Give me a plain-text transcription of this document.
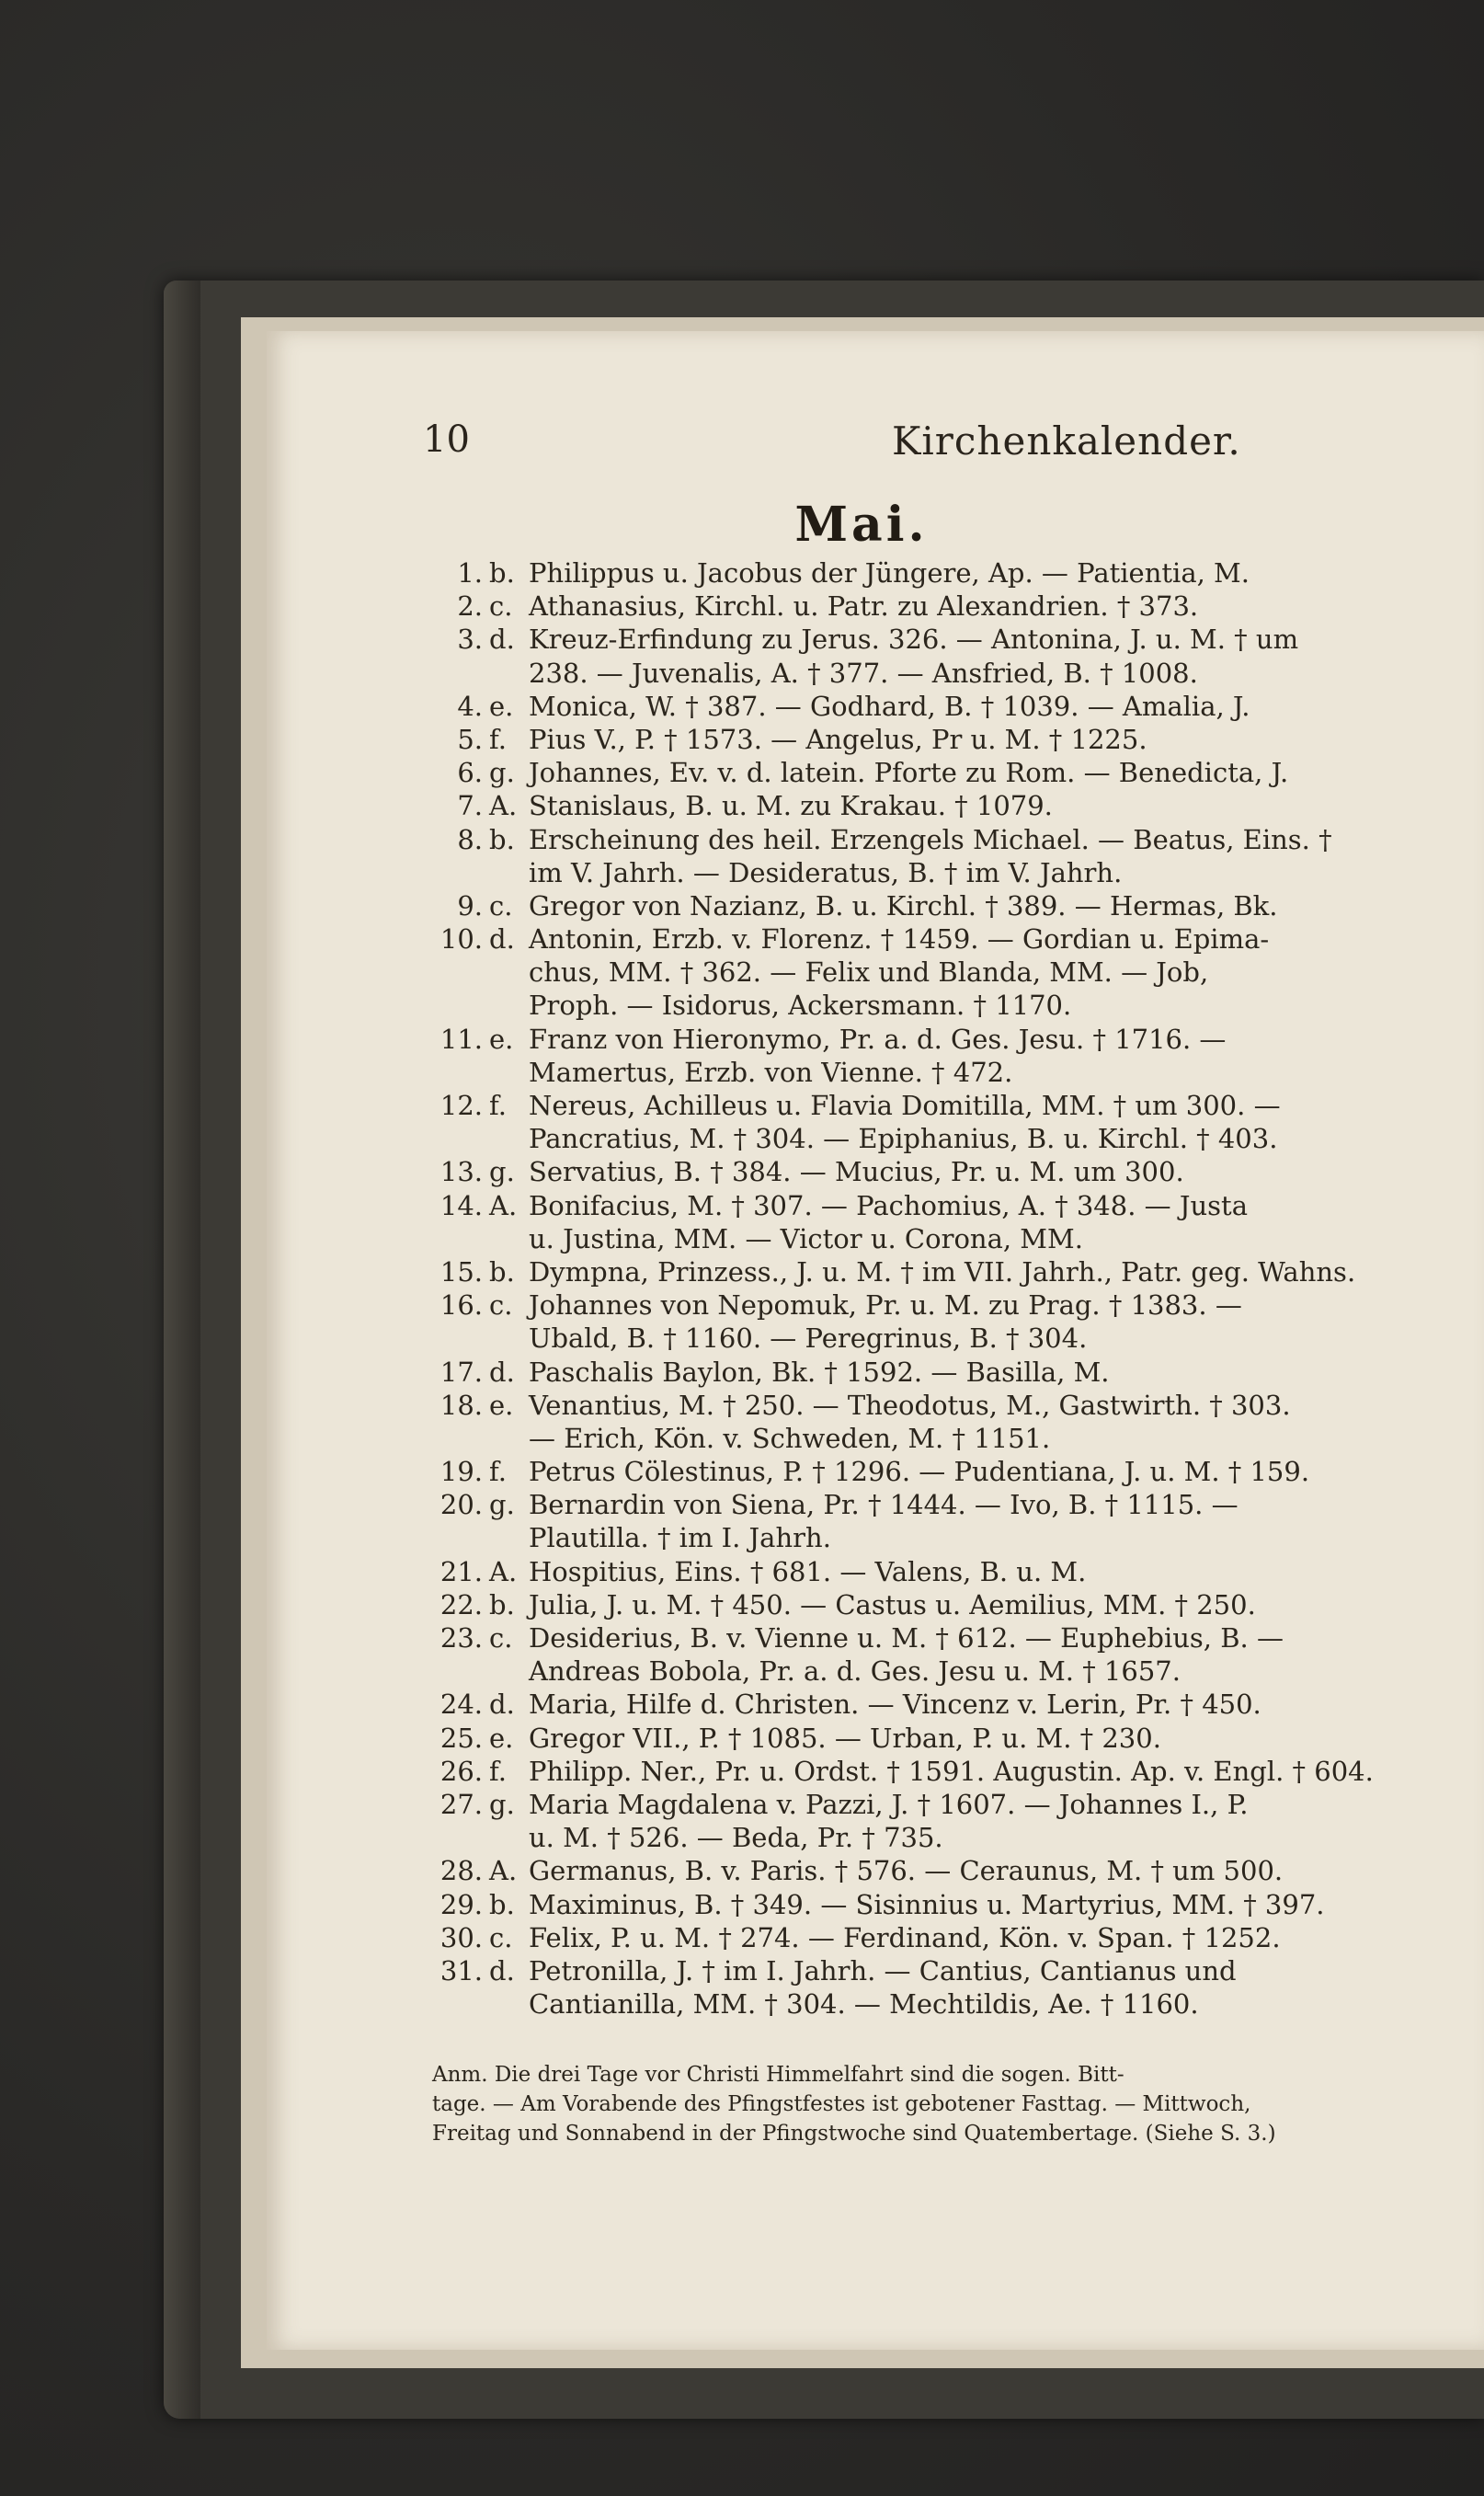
10	Kirchenkalender.
Mai.
1. b. Philippus u. Jacobus der Jüngere, Ap. — Patientia, M.
2. c. Athanasius, Kirchl. u. Patr. zu Alexandrien. † 373.
3. d. Kreuz-Erfindung zu Jerus. 326. — Antonina, J. u. M. † um
238. — Juvenalis, A. † 377. — Ansfried, B. † 1008.
4. e. Monica, W. † 387. — Godhard, B. † 1039. — Amalia, J.
5. f. Pius V., P. † 1573. — Angelus, Pr u. M. † 1225.
6. g. Johannes, Ev. v. d. latein. Pforte zu Rom. — Benedicta, J.
7. A. Stanislaus, B. u. M. zu Krakau. † 1079.
8. b. Erscheinung des heil. Erzengels Michael. — Beatus, Eins. †
im V. Jahrh. — Desideratus, B. † im V. Jahrh.
9. c. Gregor von Nazianz, B. u. Kirchl. † 389. — Hermas, Bk.
10. d. Antonin, Erzb. v. Florenz. † 1459. — Gordian u. Epima-
chus, MM. † 362. — Felix und Blanda, MM. — Job,
Proph. — Isidorus, Ackersmann. † 1170.
11. e. Franz von Hieronymo, Pr. a. d. Ges. Jesu. † 1716. —
Mamertus, Erzb. von Vienne. † 472.
12. f. Nereus, Achilleus u. Flavia Domitilla, MM. † um 300. —
Pancratius, M. † 304. — Epiphanius, B. u. Kirchl. † 403.
13. g. Servatius, B. † 384. — Mucius, Pr. u. M. um 300.
14. A. Bonifacius, M. † 307. — Pachomius, A. † 348. — Justa
u. Justina, MM. — Victor u. Corona, MM.
15. b. Dympna, Prinzess., J. u. M. † im VII. Jahrh., Patr. geg. Wahns.
16. c. Johannes von Nepomuk, Pr. u. M. zu Prag. † 1383. —
Ubald, B. † 1160. — Peregrinus, B. † 304.
17. d. Paschalis Baylon, Bk. † 1592. — Basilla, M.
18. e. Venantius, M. † 250. — Theodotus, M., Gastwirth. † 303.
— Erich, Kön. v. Schweden, M. † 1151.
19. f. Petrus Cölestinus, P. † 1296. — Pudentiana, J. u. M. † 159.
20. g. Bernardin von Siena, Pr. † 1444. — Ivo, B. † 1115. —
Plautilla. † im I. Jahrh.
21. A. Hospitius, Eins. † 681. — Valens, B. u. M.
22. b. Julia, J. u. M. † 450. — Castus u. Aemilius, MM. † 250.
23. c. Desiderius, B. v. Vienne u. M. † 612. — Euphebius, B. —
Andreas Bobola, Pr. a. d. Ges. Jesu u. M. † 1657.
24. d. Maria, Hilfe d. Christen. — Vincenz v. Lerin, Pr. † 450.
25. e. Gregor VII., P. † 1085. — Urban, P. u. M. † 230.
26. f. Philipp. Ner., Pr. u. Ordst. † 1591. Augustin. Ap. v. Engl. † 604.
27. g. Maria Magdalena v. Pazzi, J. † 1607. — Johannes I., P.
u. M. † 526. — Beda, Pr. † 735.
28. A. Germanus, B. v. Paris. † 576. — Ceraunus, M. † um 500.
29. b. Maximinus, B. † 349. — Sisinnius u. Martyrius, MM. † 397.
30. c. Felix, P. u. M. † 274. — Ferdinand, Kön. v. Span. † 1252.
31. d. Petronilla, J. † im I. Jahrh. — Cantius, Cantianus und
Cantianilla, MM. † 304. — Mechtildis, Ae. † 1160.
Anm. Die drei Tage vor Christi Himmelfahrt sind die sogen. Bitt-
tage. — Am Vorabende des Pfingstfestes ist gebotener Fasttag. — Mittwoch,
Freitag und Sonnabend in der Pfingstwoche sind Quatembertage. (Siehe S. 3.)
